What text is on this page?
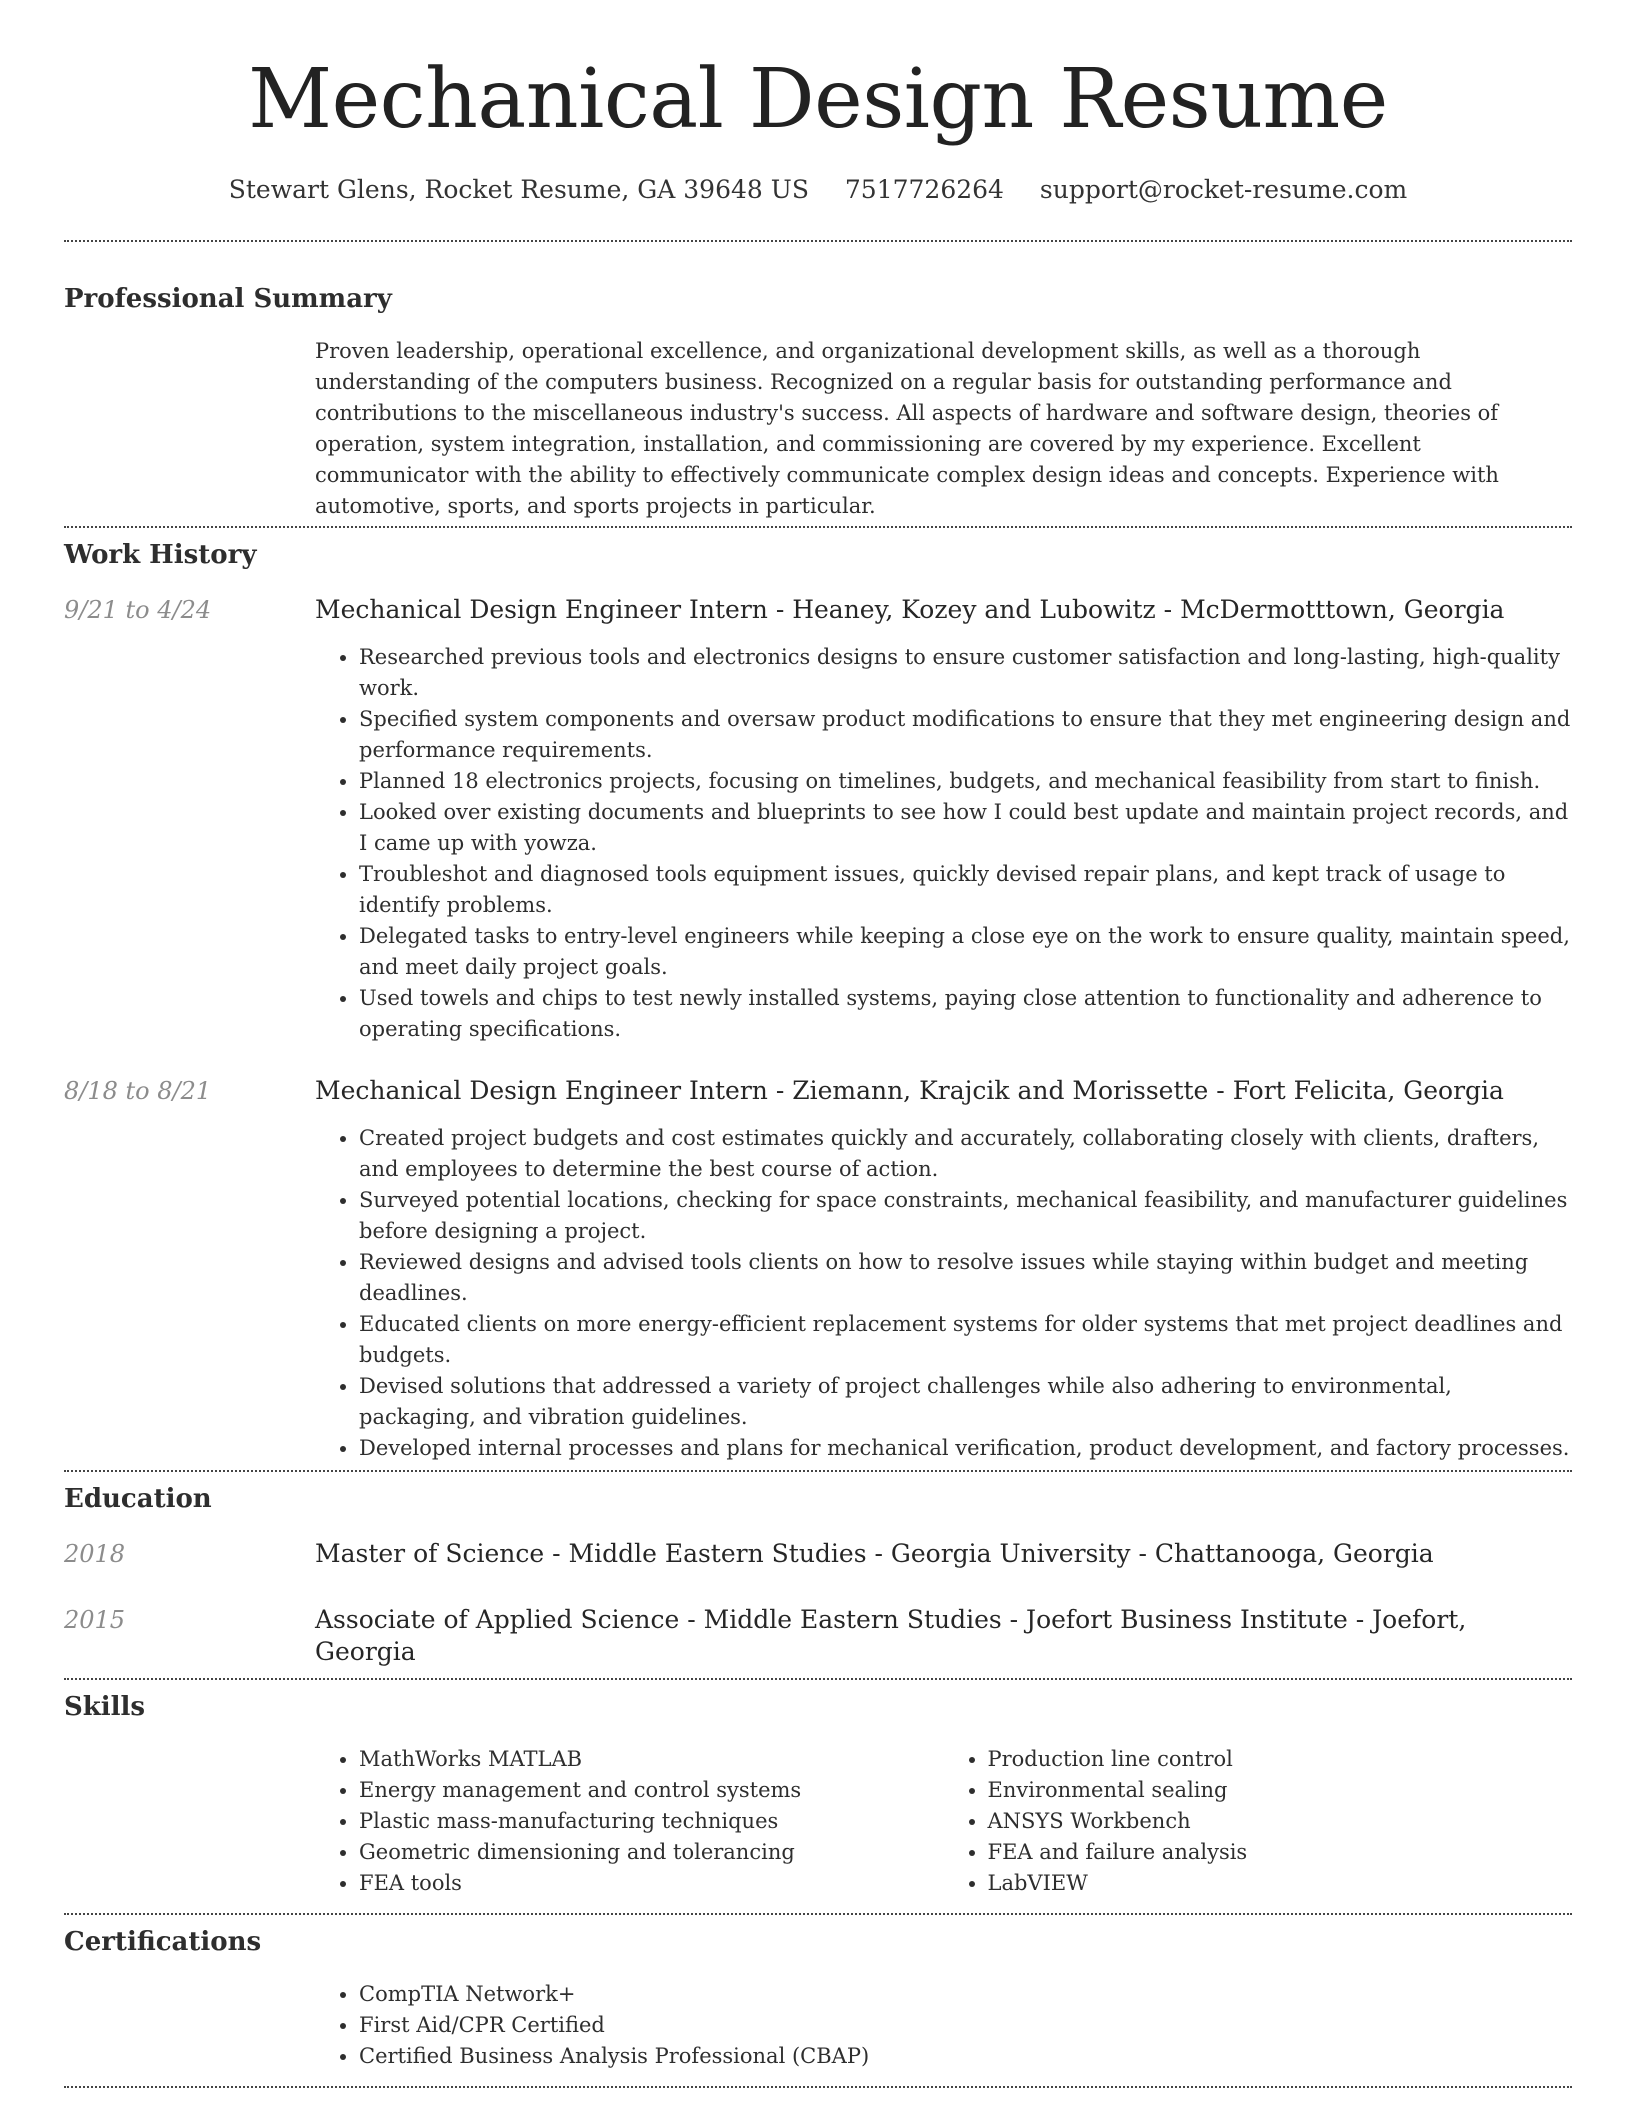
Mechanical Design Resume
Stewart Glens, Rocket Resume, GA 39648 US 7517726264 support@rocket-resume.com
Professional Summary

Proven leadership, operational excellence, and organizational development skills, as well as a thorough understanding of the computers business. Recognized on a regular basis for outstanding performance and contributions to the miscellaneous industry's success. All aspects of hardware and software design, theories of operation, system integration, installation, and commissioning are covered by my experience. Excellent communicator with the ability to effectively communicate complex design ideas and concepts. Experience with automotive, sports, and sports projects in particular.

Work History
9/21 to 4/24	Mechanical Design Engineer Intern - Heaney, Kozey and Lubowitz - McDermotttown, Georgia
• Researched previous tools and electronics designs to ensure customer satisfaction and long-lasting, high-quality work.
• Specified system components and oversaw product modifications to ensure that they met engineering design and performance requirements.
• Planned 18 electronics projects, focusing on timelines, budgets, and mechanical feasibility from start to finish.
• Looked over existing documents and blueprints to see how I could best update and maintain project records, and I came up with yowza.
• Troubleshot and diagnosed tools equipment issues, quickly devised repair plans, and kept track of usage to identify problems.
• Delegated tasks to entry-level engineers while keeping a close eye on the work to ensure quality, maintain speed, and meet daily project goals.
• Used towels and chips to test newly installed systems, paying close attention to functionality and adherence to operating specifications.
8/18 to 8/21	Mechanical Design Engineer Intern - Ziemann, Krajcik and Morissette - Fort Felicita, Georgia
• Created project budgets and cost estimates quickly and accurately, collaborating closely with clients, drafters, and employees to determine the best course of action.
• Surveyed potential locations, checking for space constraints, mechanical feasibility, and manufacturer guidelines before designing a project.
• Reviewed designs and advised tools clients on how to resolve issues while staying within budget and meeting deadlines.
• Educated clients on more energy-efficient replacement systems for older systems that met project deadlines and budgets.
• Devised solutions that addressed a variety of project challenges while also adhering to environmental, packaging, and vibration guidelines.
• Developed internal processes and plans for mechanical verification, product development, and factory processes.
Education
2018	Master of Science - Middle Eastern Studies - Georgia University - Chattanooga, Georgia
2015	Associate of Applied Science - Middle Eastern Studies - Joefort Business Institute - Joefort, Georgia
Skills
• MathWorks MATLAB
• Energy management and control systems
• Plastic mass-manufacturing techniques
• Geometric dimensioning and tolerancing
• FEA tools
• Production line control
• Environmental sealing
• ANSYS Workbench
• FEA and failure analysis
• LabVIEW
Certifications
• CompTIA Network+
• First Aid/CPR Certified
• Certified Business Analysis Professional (CBAP)
